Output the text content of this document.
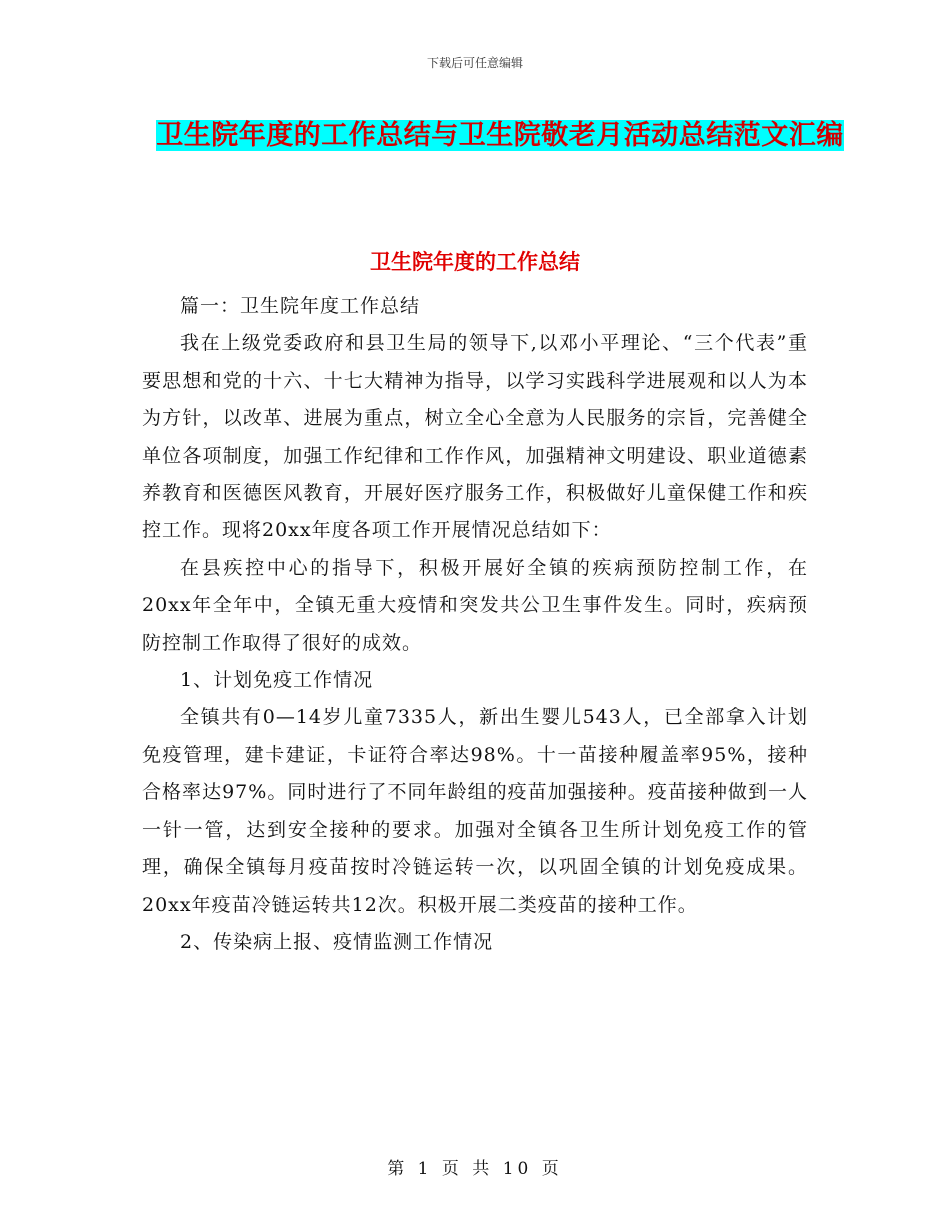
下载后可任意编辑
卫生院年度的工作总结与卫生院敬老月活动总结范文汇编
卫生院年度的工作总结

篇一：卫生院年度工作总结

我在上级党委政府和县卫生局的领导下,以邓小平理论、“三个代表”重要思想和党的十六、十七大精神为指导，以学习实践科学进展观和以人为本为方针，以改革、进展为重点，树立全心全意为人民服务的宗旨，完善健全单位各项制度，加强工作纪律和工作作风，加强精神文明建设、职业道德素养教育和医德医风教育，开展好医疗服务工作，积极做好儿童保健工作和疾控工作。现将20xx年度各项工作开展情况总结如下：

在县疾控中心的指导下，积极开展好全镇的疾病预防控制工作，在20xx年全年中，全镇无重大疫情和突发共公卫生事件发生。同时，疾病预防控制工作取得了很好的成效。

1、计划免疫工作情况

全镇共有0—14岁儿童7335人，新出生婴儿543人，已全部拿入计划免疫管理，建卡建证，卡证符合率达98%。十一苗接种履盖率95%，接种合格率达97%。同时进行了不同年龄组的疫苗加强接种。疫苗接种做到一人一针一管，达到安全接种的要求。加强对全镇各卫生所计划免疫工作的管理，确保全镇每月疫苗按时冷链运转一次，以巩固全镇的计划免疫成果。20xx年疫苗冷链运转共12次。积极开展二类疫苗的接种工作。

2、传染病上报、疫情监测工作情况

第 1 页 共 10 页
